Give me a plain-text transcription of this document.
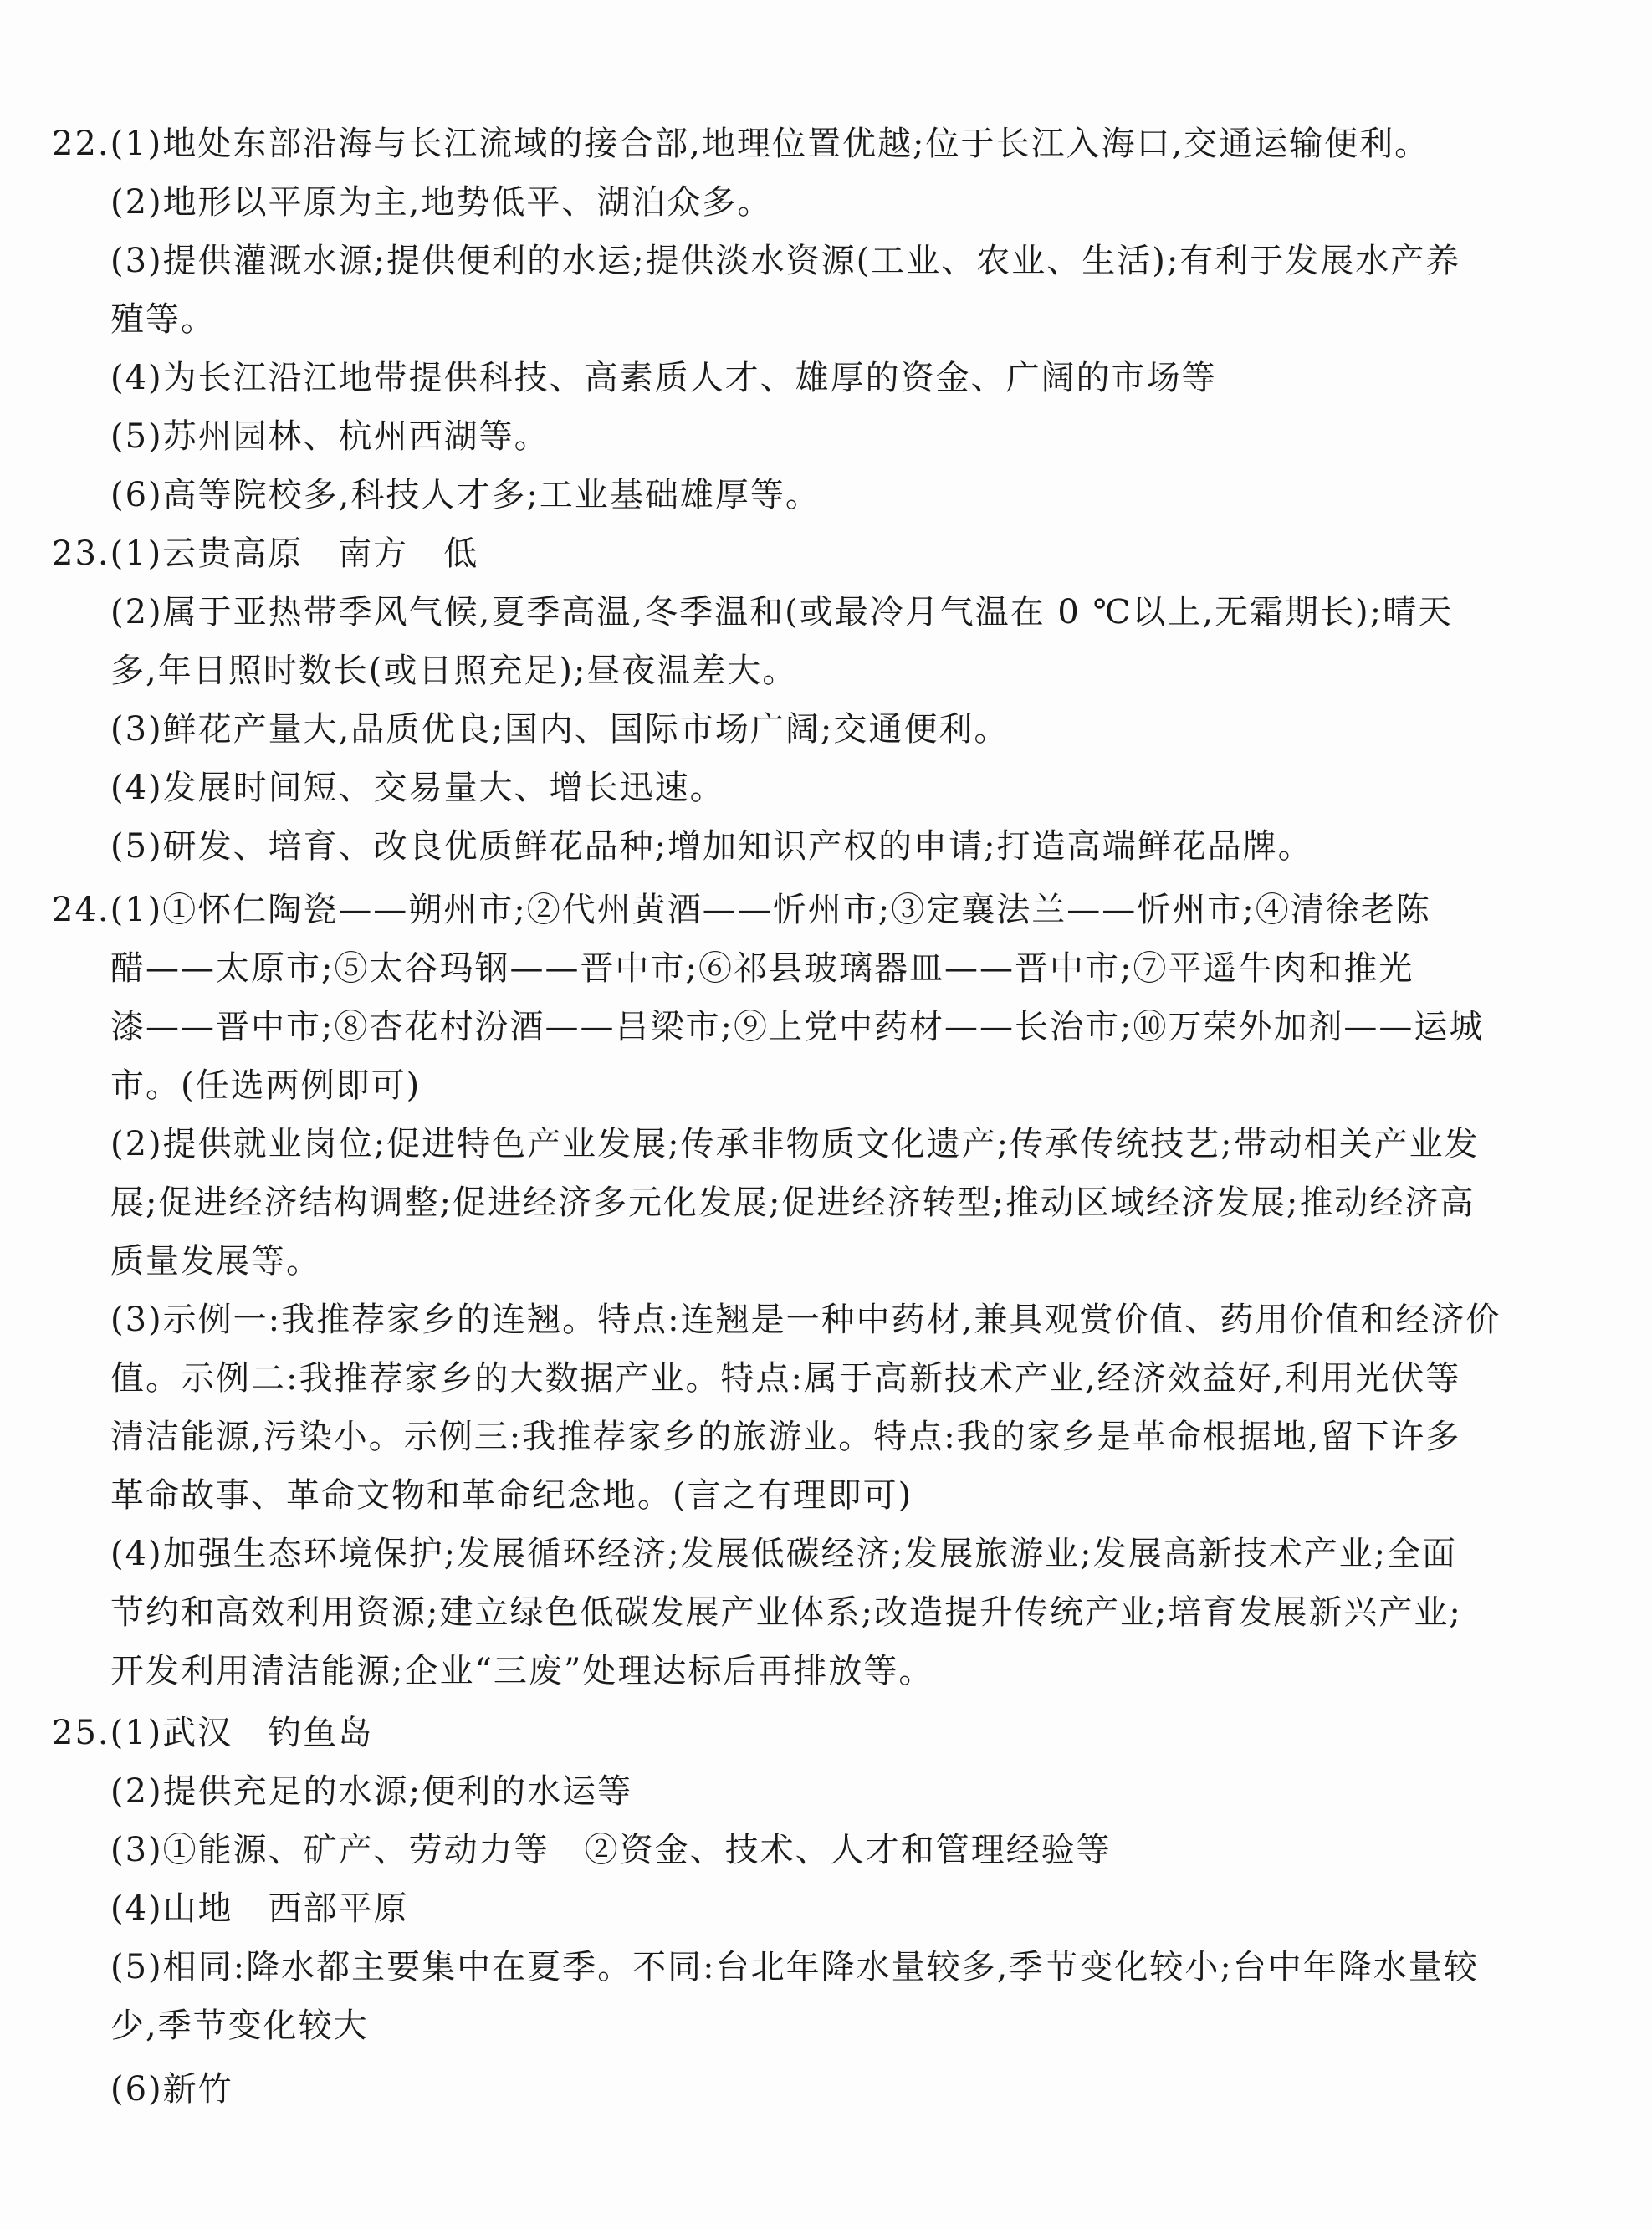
22.(1)地处东部沿海与长江流域的接合部,地理位置优越;位于长江入海口,交通运输便利。
(2)地形以平原为主,地势低平、湖泊众多。
(3)提供灌溉水源;提供便利的水运;提供淡水资源(工业、农业、生活);有利于发展水产养
殖等。
(4)为长江沿江地带提供科技、高素质人才、雄厚的资金、广阔的市场等
(5)苏州园林、杭州西湖等。
(6)高等院校多,科技人才多;工业基础雄厚等。
23.(1)云贵高原　南方　低
(2)属于亚热带季风气候,夏季高温,冬季温和(或最冷月气温在 0 ℃以上,无霜期长);晴天
多,年日照时数长(或日照充足);昼夜温差大。
(3)鲜花产量大,品质优良;国内、国际市场广阔;交通便利。
(4)发展时间短、交易量大、增长迅速。
(5)研发、培育、改良优质鲜花品种;增加知识产权的申请;打造高端鲜花品牌。
24.(1)①怀仁陶瓷——朔州市;②代州黄酒——忻州市;③定襄法兰——忻州市;④清徐老陈
醋——太原市;⑤太谷玛钢——晋中市;⑥祁县玻璃器皿——晋中市;⑦平遥牛肉和推光
漆——晋中市;⑧杏花村汾酒——吕梁市;⑨上党中药材——长治市;⑩万荣外加剂——运城
市。(任选两例即可)
(2)提供就业岗位;促进特色产业发展;传承非物质文化遗产;传承传统技艺;带动相关产业发
展;促进经济结构调整;促进经济多元化发展;促进经济转型;推动区域经济发展;推动经济高
质量发展等。
(3)示例一:我推荐家乡的连翘。特点:连翘是一种中药材,兼具观赏价值、药用价值和经济价
值。示例二:我推荐家乡的大数据产业。特点:属于高新技术产业,经济效益好,利用光伏等
清洁能源,污染小。示例三:我推荐家乡的旅游业。特点:我的家乡是革命根据地,留下许多
革命故事、革命文物和革命纪念地。(言之有理即可)
(4)加强生态环境保护;发展循环经济;发展低碳经济;发展旅游业;发展高新技术产业;全面
节约和高效利用资源;建立绿色低碳发展产业体系;改造提升传统产业;培育发展新兴产业;
开发利用清洁能源;企业“三废”处理达标后再排放等。
25.(1)武汉　钓鱼岛
(2)提供充足的水源;便利的水运等
(3)①能源、矿产、劳动力等　②资金、技术、人才和管理经验等
(4)山地　西部平原
(5)相同:降水都主要集中在夏季。不同:台北年降水量较多,季节变化较小;台中年降水量较
少,季节变化较大
(6)新竹
